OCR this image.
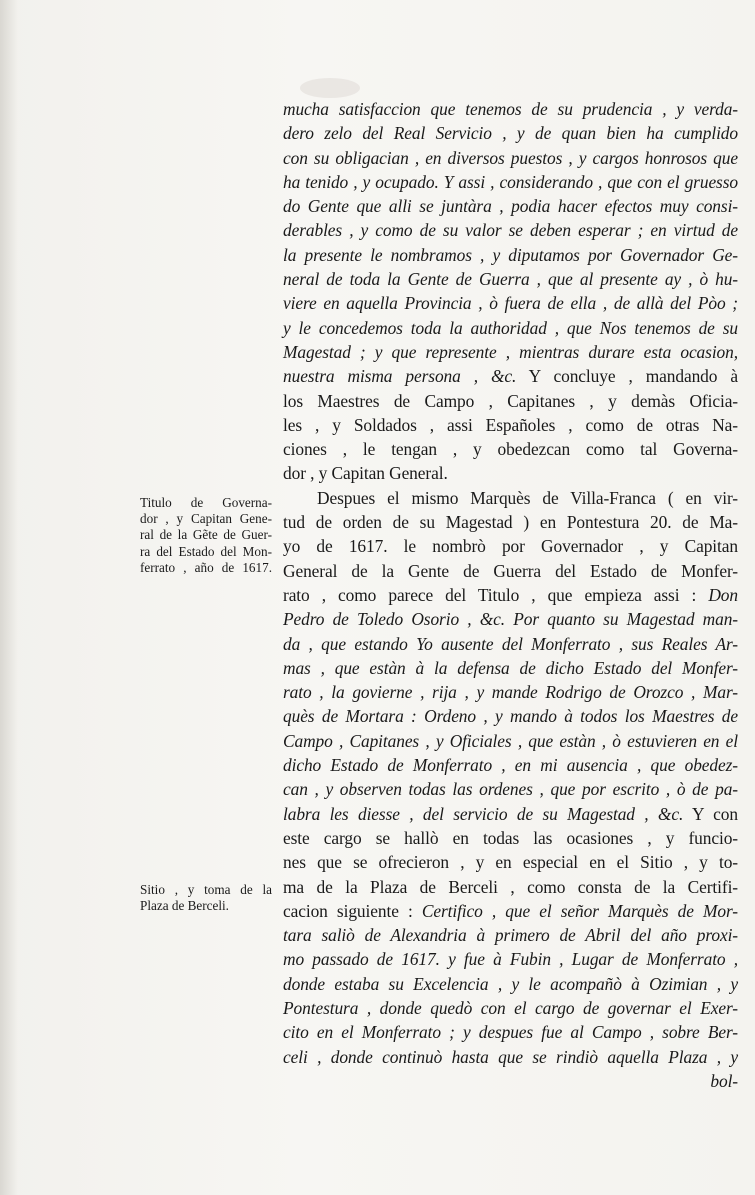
mucha satisfaccion que tenemos de su prudencia , y verda-
dero zelo del Real Servicio , y de quan bien ha cumplido
con su obligacian , en diversos puestos , y cargos honrosos que
ha tenido , y ocupado. Y assi , considerando , que con el gruesso
do Gente que alli se juntàra , podia hacer efectos muy consi-
derables , y como de su valor se deben esperar ; en virtud de
la presente le nombramos , y diputamos por Governador Ge-
neral de toda la Gente de Guerra , que al presente ay , ò hu-
viere en aquella Provincia , ò fuera de ella , de allà del Pòo ;
y le concedemos toda la authoridad , que Nos tenemos de su
Magestad ; y que represente , mientras durare esta ocasion,
nuestra misma persona , &c. Y concluye , mandando à
los Maestres de Campo , Capitanes , y demàs Oficia-
les , y Soldados , assi Españoles , como de otras Na-
ciones , le tengan , y obedezcan como tal Governa-
dor , y Capitan General.
Despues el mismo Marquès de Villa-Franca ( en vir-
tud de orden de su Magestad ) en Pontestura 20. de Ma-
yo de 1617. le nombrò por Governador , y Capitan
General de la Gente de Guerra del Estado de Monfer-
rato , como parece del Titulo , que empieza assi : Don
Pedro de Toledo Osorio , &c. Por quanto su Magestad man-
da , que estando Yo ausente del Monferrato , sus Reales Ar-
mas , que estàn à la defensa de dicho Estado del Monfer-
rato , la govierne , rija , y mande Rodrigo de Orozco , Mar-
quès de Mortara : Ordeno , y mando à todos los Maestres de
Campo , Capitanes , y Oficiales , que estàn , ò estuvieren en el
dicho Estado de Monferrato , en mi ausencia , que obedez-
can , y observen todas las ordenes , que por escrito , ò de pa-
labra les diesse , del servicio de su Magestad , &c. Y con
este cargo se hallò en todas las ocasiones , y funcio-
nes que se ofrecieron , y en especial en el Sitio , y to-
ma de la Plaza de Berceli , como consta de la Certifi-
cacion siguiente : Certifico , que el señor Marquès de Mor-
tara saliò de Alexandria à primero de Abril del año proxi-
mo passado de 1617. y fue à Fubin , Lugar de Monferrato ,
donde estaba su Excelencia , y le acompañò à Ozimian , y
Pontestura , donde quedò con el cargo de governar el Exer-
cito en el Monferrato ; y despues fue al Campo , sobre Ber-
celi , donde continuò hasta que se rindiò aquella Plaza , y
bol-
Titulo de Governa-
dor , y Capitan Gene-
ral de la Gẽte de Guer-
ra del Estado del Mon-
ferrato , año de 1617.
Sitio , y toma de la
Plaza de Berceli.
